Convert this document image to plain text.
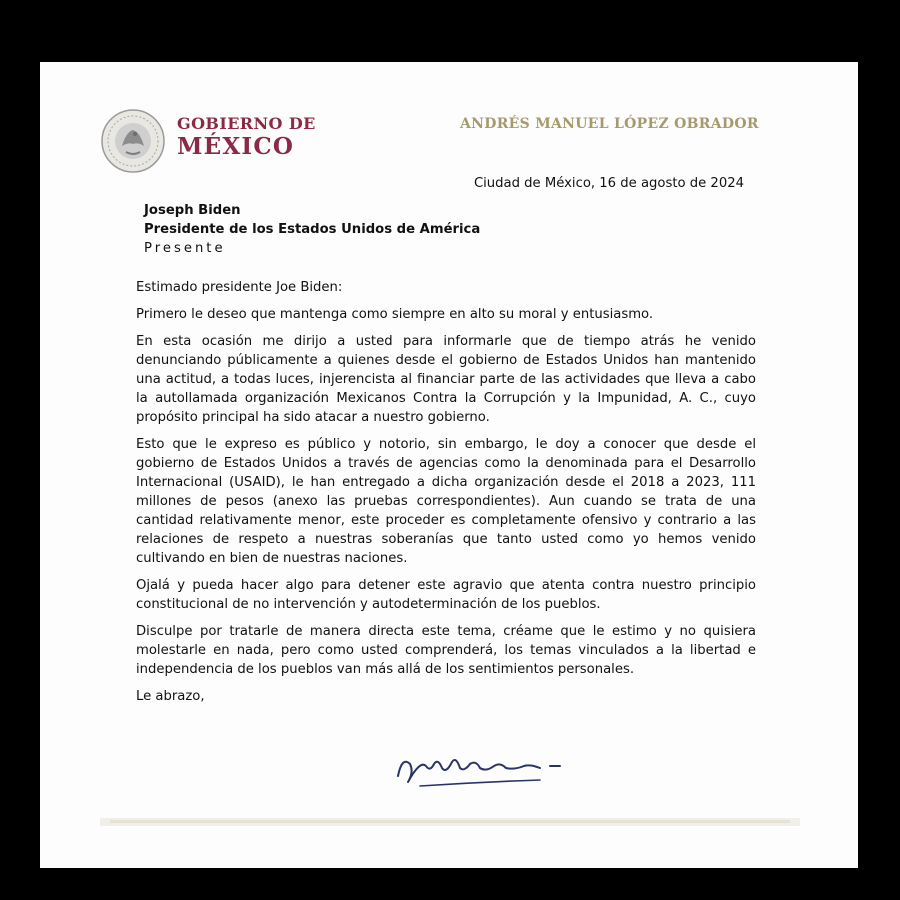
GOBIERNO DE
MÉXICO
ANDRÉS MANUEL LÓPEZ OBRADOR
Ciudad de México, 16 de agosto de 2024
Joseph Biden
Presidente de los Estados Unidos de América
Presente
Estimado presidente Joe Biden:

Primero le deseo que mantenga como siempre en alto su moral y entusiasmo.

En esta ocasión me dirijo a usted para informarle que de tiempo atrás he venido denunciando públicamente a quienes desde el gobierno de Estados Unidos han mantenido una actitud, a todas luces, injerencista al financiar parte de las actividades que lleva a cabo la autollamada organización Mexicanos Contra la Corrupción y la Impunidad, A. C., cuyo propósito principal ha sido atacar a nuestro gobierno.

Esto que le expreso es público y notorio, sin embargo, le doy a conocer que desde el gobierno de Estados Unidos a través de agencias como la denominada para el Desarrollo Internacional (USAID), le han entregado a dicha organización desde el 2018 a 2023, 111 millones de pesos (anexo las pruebas correspondientes). Aun cuando se trata de una cantidad relativamente menor, este proceder es completamente ofensivo y contrario a las relaciones de respeto a nuestras soberanías que tanto usted como yo hemos venido cultivando en bien de nuestras naciones.

Ojalá y pueda hacer algo para detener este agravio que atenta contra nuestro principio constitucional de no intervención y autodeterminación de los pueblos.

Disculpe por tratarle de manera directa este tema, créame que le estimo y no quisiera molestarle en nada, pero como usted comprenderá, los temas vinculados a la libertad e independencia de los pueblos van más allá de los sentimientos personales.

Le abrazo,
